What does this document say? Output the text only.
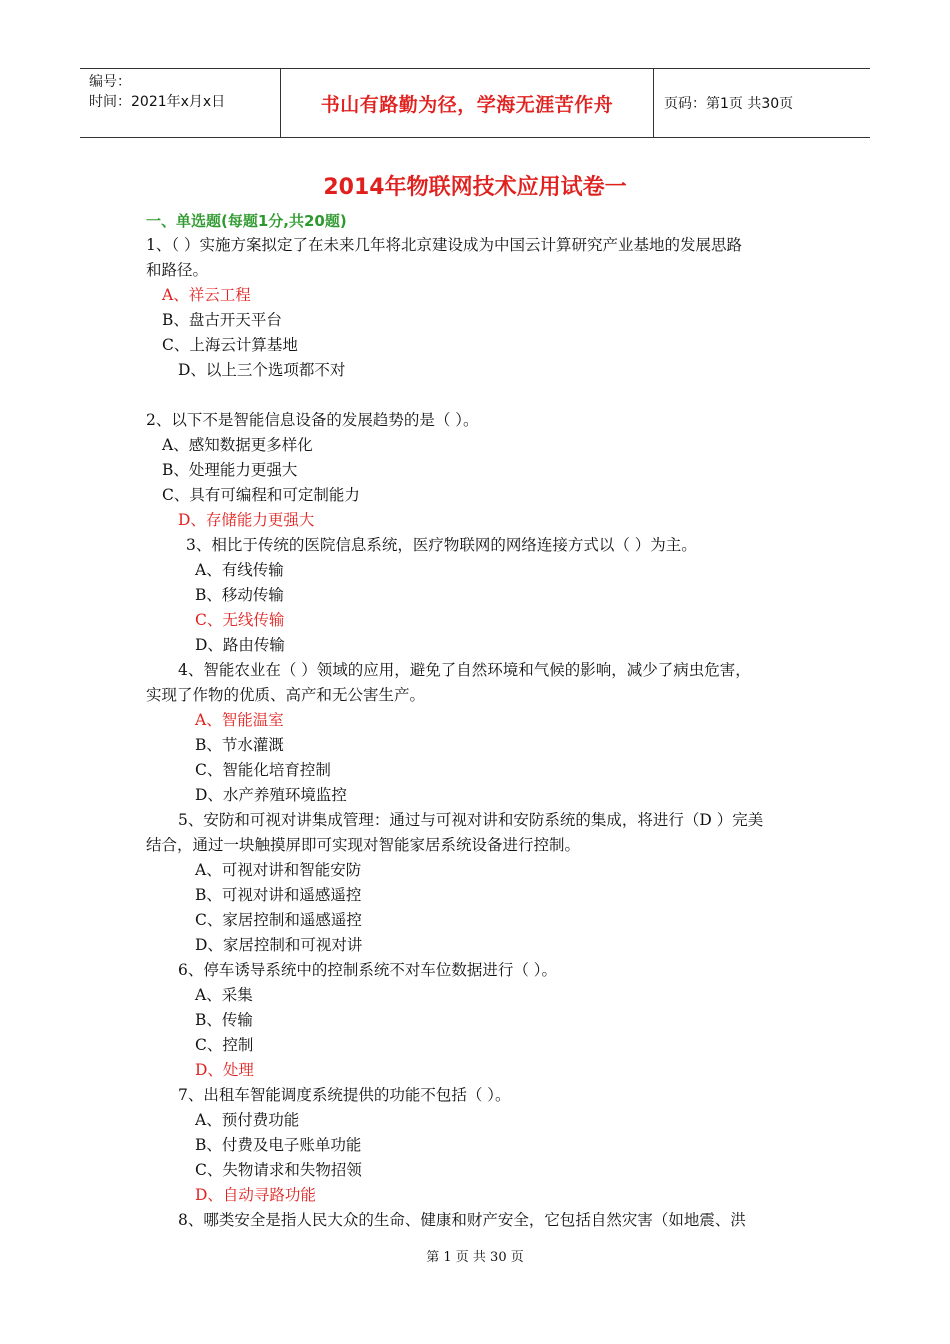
编号：
时间：2021年x月x日	书山有路勤为径，学海无涯苦作舟	页码：第1页 共30页
2014年物联网技术应用试卷一
一、单选题(每题1分,共20题)
1、（ ）实施方案拟定了在未来几年将北京建设成为中国云计算研究产业基地的发展思路
和路径。
A、祥云工程
B、盘古开天平台
C、上海云计算基地
D、以上三个选项都不对
2、以下不是智能信息设备的发展趋势的是（ ）。
A、感知数据更多样化
B、处理能力更强大
C、具有可编程和可定制能力
D、存储能力更强大
3、相比于传统的医院信息系统，医疗物联网的网络连接方式以（ ）为主。
A、有线传输
B、移动传输
C、无线传输
D、路由传输
4、智能农业在（ ）领域的应用，避免了自然环境和气候的影响，减少了病虫危害，
实现了作物的优质、高产和无公害生产。
A、智能温室
B、节水灌溉
C、智能化培育控制
D、水产养殖环境监控
5、安防和可视对讲集成管理：通过与可视对讲和安防系统的集成，将进行（D ）完美
结合，通过一块触摸屏即可实现对智能家居系统设备进行控制。
A、可视对讲和智能安防
B、可视对讲和遥感遥控
C、家居控制和遥感遥控
D、家居控制和可视对讲
6、停车诱导系统中的控制系统不对车位数据进行（ ）。
A、采集
B、传输
C、控制
D、处理
7、出租车智能调度系统提供的功能不包括（ ）。
A、预付费功能
B、付费及电子账单功能
C、失物请求和失物招领
D、自动寻路功能
8、哪类安全是指人民大众的生命、健康和财产安全，它包括自然灾害（如地震、洪
第 1 页 共 30 页
